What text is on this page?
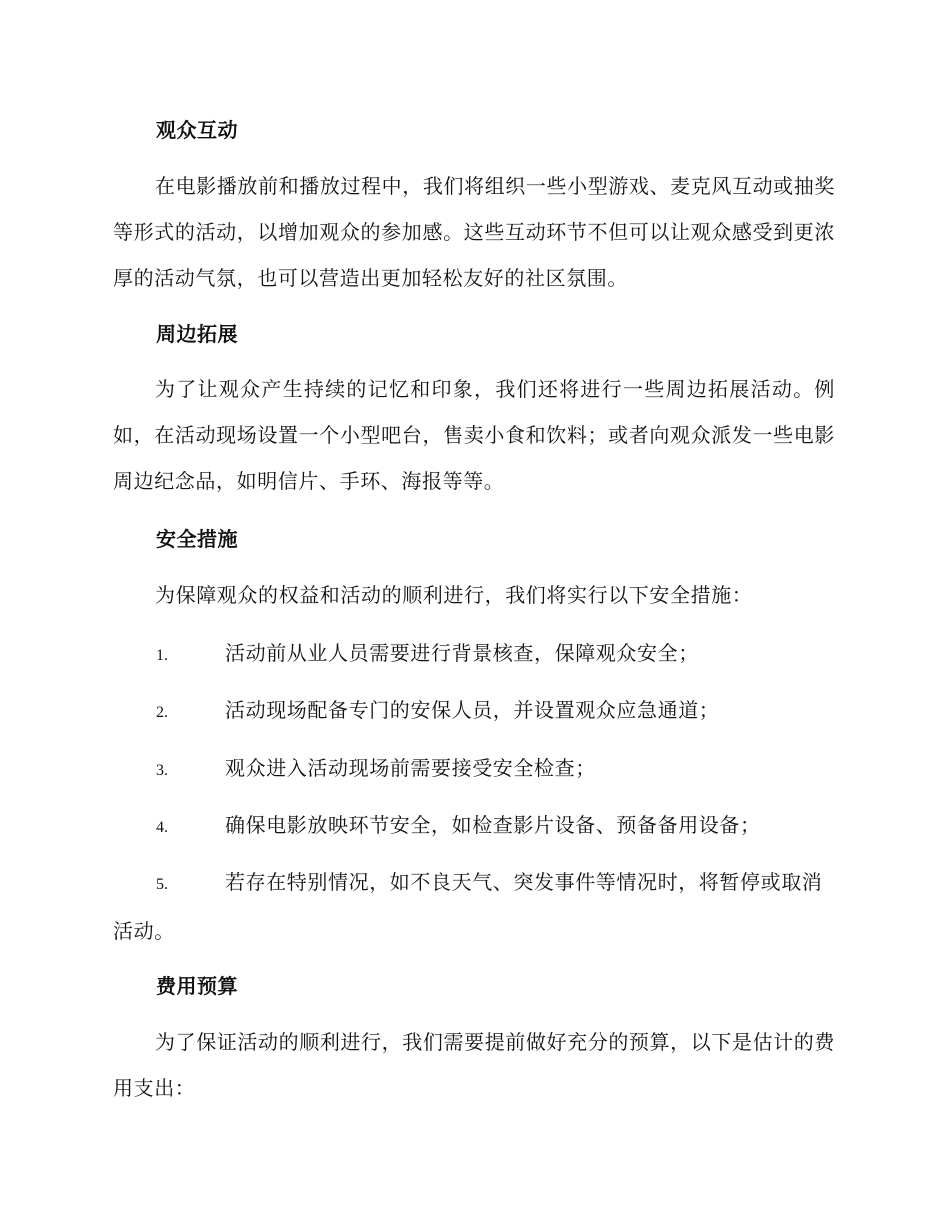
观众互动

在电影播放前和播放过程中，我们将组织一些小型游戏、麦克风互动或抽奖等形式的活动，以增加观众的参加感。这些互动环节不但可以让观众感受到更浓厚的活动气氛，也可以营造出更加轻松友好的社区氛围。

周边拓展

为了让观众产生持续的记忆和印象，我们还将进行一些周边拓展活动。例如，在活动现场设置一个小型吧台，售卖小食和饮料；或者向观众派发一些电影周边纪念品，如明信片、手环、海报等等。

安全措施

为保障观众的权益和活动的顺利进行，我们将实行以下安全措施：

1.	活动前从业人员需要进行背景核查，保障观众安全；

2.	活动现场配备专门的安保人员，并设置观众应急通道；

3.	观众进入活动现场前需要接受安全检查；

4.	确保电影放映环节安全，如检查影片设备、预备备用设备；

5.	若存在特别情况，如不良天气、突发事件等情况时，将暂停或取消活动。

费用预算

为了保证活动的顺利进行，我们需要提前做好充分的预算，以下是估计的费用支出：
